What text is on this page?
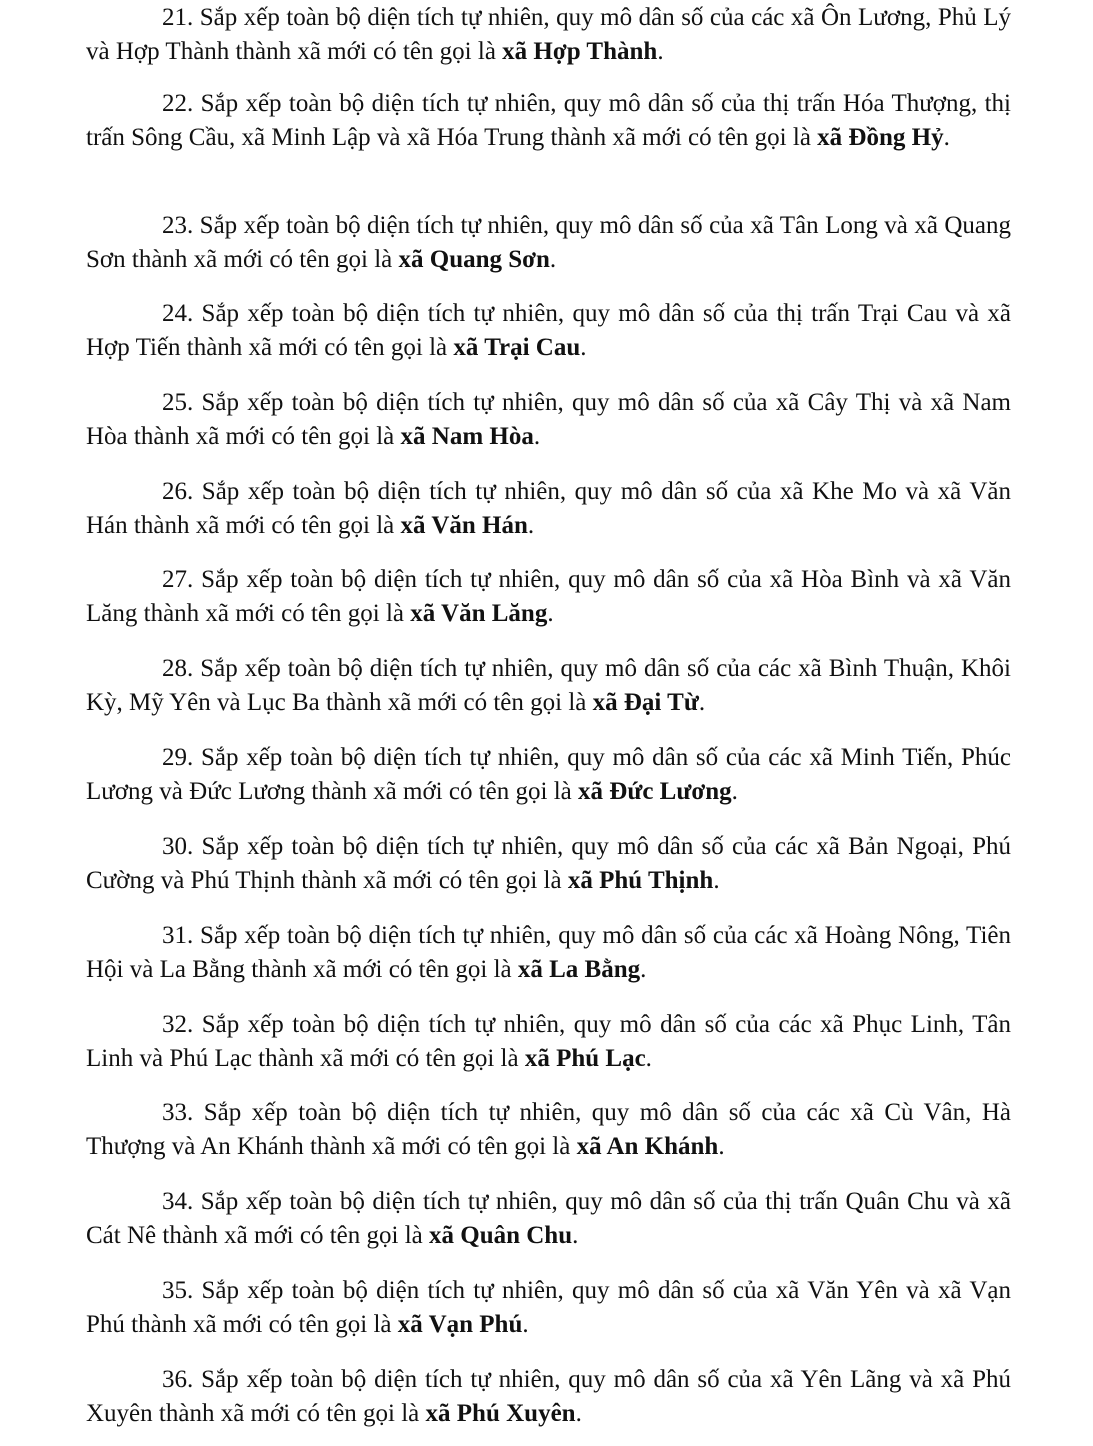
21. Sắp xếp toàn bộ diện tích tự nhiên, quy mô dân số của các xã Ôn Lương, Phủ Lý và Hợp Thành thành xã mới có tên gọi là xã Hợp Thành.

22. Sắp xếp toàn bộ diện tích tự nhiên, quy mô dân số của thị trấn Hóa Thượng, thị trấn Sông Cầu, xã Minh Lập và xã Hóa Trung thành xã mới có tên gọi là xã Đồng Hỷ.

23. Sắp xếp toàn bộ diện tích tự nhiên, quy mô dân số của xã Tân Long và xã Quang Sơn thành xã mới có tên gọi là xã Quang Sơn.

24. Sắp xếp toàn bộ diện tích tự nhiên, quy mô dân số của thị trấn Trại Cau và xã Hợp Tiến thành xã mới có tên gọi là xã Trại Cau.

25. Sắp xếp toàn bộ diện tích tự nhiên, quy mô dân số của xã Cây Thị và xã Nam Hòa thành xã mới có tên gọi là xã Nam Hòa.

26. Sắp xếp toàn bộ diện tích tự nhiên, quy mô dân số của xã Khe Mo và xã Văn Hán thành xã mới có tên gọi là xã Văn Hán.

27. Sắp xếp toàn bộ diện tích tự nhiên, quy mô dân số của xã Hòa Bình và xã Văn Lăng thành xã mới có tên gọi là xã Văn Lăng.

28. Sắp xếp toàn bộ diện tích tự nhiên, quy mô dân số của các xã Bình Thuận, Khôi Kỳ, Mỹ Yên và Lục Ba thành xã mới có tên gọi là xã Đại Từ.

29. Sắp xếp toàn bộ diện tích tự nhiên, quy mô dân số của các xã Minh Tiến, Phúc Lương và Đức Lương thành xã mới có tên gọi là xã Đức Lương.

30. Sắp xếp toàn bộ diện tích tự nhiên, quy mô dân số của các xã Bản Ngoại, Phú Cường và Phú Thịnh thành xã mới có tên gọi là xã Phú Thịnh.

31. Sắp xếp toàn bộ diện tích tự nhiên, quy mô dân số của các xã Hoàng Nông, Tiên Hội và La Bằng thành xã mới có tên gọi là xã La Bằng.

32. Sắp xếp toàn bộ diện tích tự nhiên, quy mô dân số của các xã Phục Linh, Tân Linh và Phú Lạc thành xã mới có tên gọi là xã Phú Lạc.

33. Sắp xếp toàn bộ diện tích tự nhiên, quy mô dân số của các xã Cù Vân, Hà Thượng và An Khánh thành xã mới có tên gọi là xã An Khánh.

34. Sắp xếp toàn bộ diện tích tự nhiên, quy mô dân số của thị trấn Quân Chu và xã Cát Nê thành xã mới có tên gọi là xã Quân Chu.

35. Sắp xếp toàn bộ diện tích tự nhiên, quy mô dân số của xã Văn Yên và xã Vạn Phú thành xã mới có tên gọi là xã Vạn Phú.

36. Sắp xếp toàn bộ diện tích tự nhiên, quy mô dân số của xã Yên Lãng và xã Phú Xuyên thành xã mới có tên gọi là xã Phú Xuyên.
